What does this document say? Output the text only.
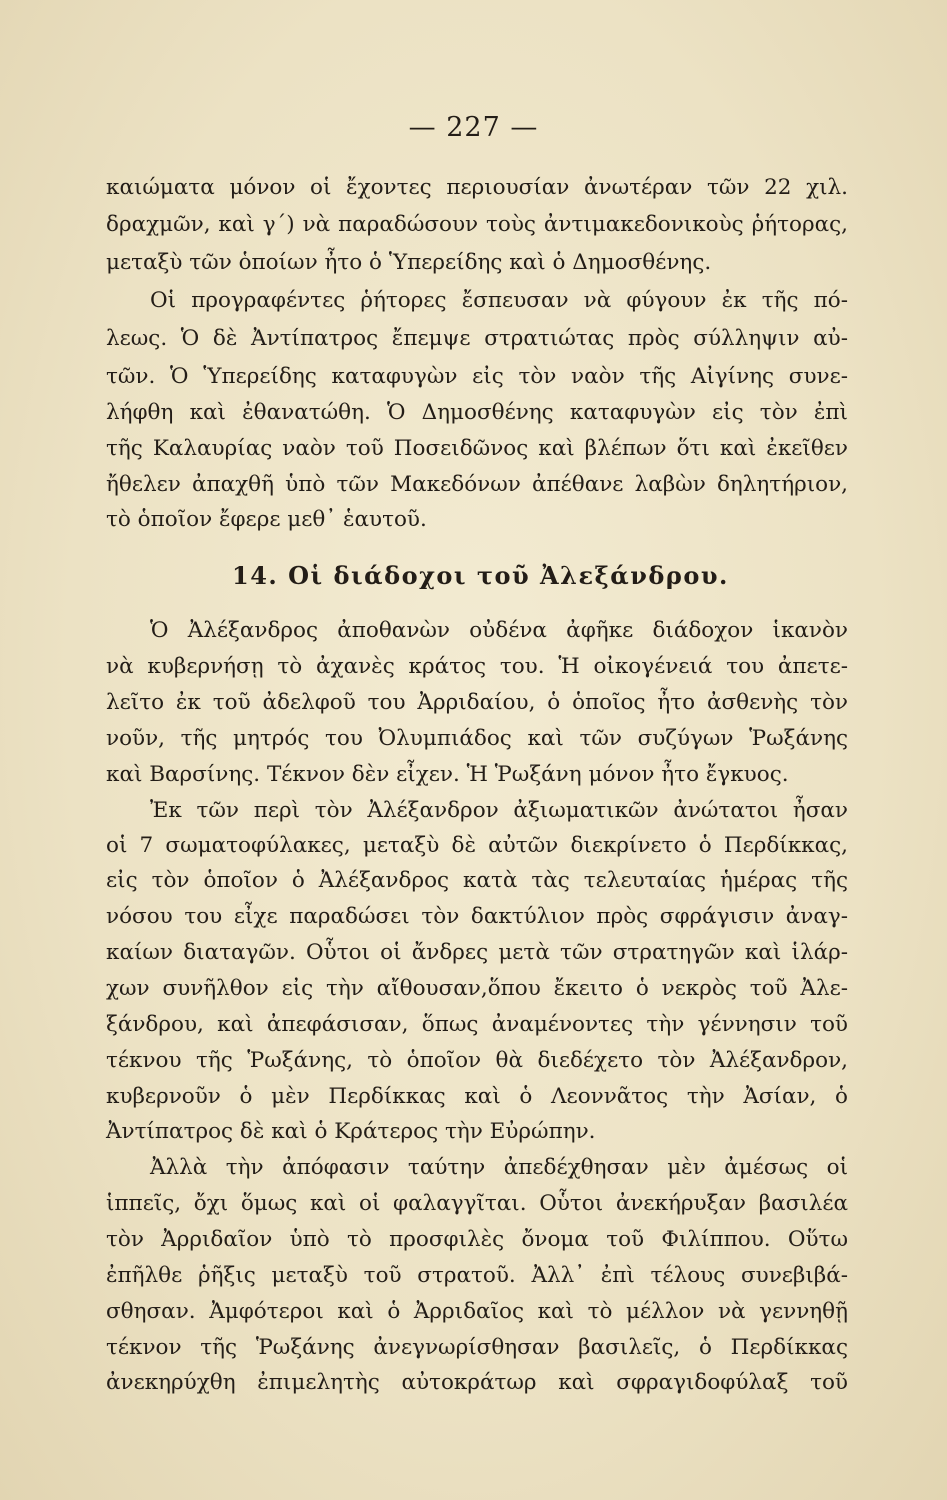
— 227 —
καιώματα μόνον οἱ ἔχοντες περιουσίαν ἀνωτέραν τῶν 22 χιλ.
δραχμῶν, καὶ γ΄) νὰ παραδώσουν τοὺς ἀντιμακεδονικοὺς ῥήτορας,
μεταξὺ τῶν ὁποίων ἦτο ὁ Ὑπερείδης καὶ ὁ Δημοσθένης.
Οἱ προγραφέντες ῥήτορες ἔσπευσαν νὰ φύγουν ἐκ τῆς πό-
λεως. Ὁ δὲ Ἀντίπατρος ἔπεμψε στρατιώτας πρὸς σύλληψιν αὐ-
τῶν. Ὁ Ὑπερείδης καταφυγὼν εἰς τὸν ναὸν τῆς Αἰγίνης συνε-
λήφθη καὶ ἐθανατώθη. Ὁ Δημοσθένης καταφυγὼν εἰς τὸν ἐπὶ
τῆς Καλαυρίας ναὸν τοῦ Ποσειδῶνος καὶ βλέπων ὅτι καὶ ἐκεῖθεν
ἤθελεν ἀπαχθῆ ὑπὸ τῶν Μακεδόνων ἀπέθανε λαβὼν δηλητήριον,
τὸ ὁποῖον ἔφερε μεθ᾽ ἑαυτοῦ.
14. Οἱ διάδοχοι τοῦ Ἀλεξάνδρου.
Ὁ Ἀλέξανδρος ἀποθανὼν οὐδένα ἀφῆκε διάδοχον ἱκανὸν
νὰ κυβερνήσῃ τὸ ἀχανὲς κράτος του. Ἡ οἰκογένειά του ἀπετε-
λεῖτο ἐκ τοῦ ἀδελφοῦ του Ἀρριδαίου, ὁ ὁποῖος ἦτο ἀσθενὴς τὸν
νοῦν, τῆς μητρός του Ὀλυμπιάδος καὶ τῶν συζύγων Ῥωξάνης
καὶ Βαρσίνης. Τέκνον δὲν εἶχεν. Ἡ Ῥωξάνη μόνον ἦτο ἔγκυος.
Ἐκ τῶν περὶ τὸν Ἀλέξανδρον ἀξιωματικῶν ἀνώτατοι ἦσαν
οἱ 7 σωματοφύλακες, μεταξὺ δὲ αὐτῶν διεκρίνετο ὁ Περδίκκας,
εἰς τὸν ὁποῖον ὁ Ἀλέξανδρος κατὰ τὰς τελευταίας ἡμέρας τῆς
νόσου του εἶχε παραδώσει τὸν δακτύλιον πρὸς σφράγισιν ἀναγ-
καίων διαταγῶν. Οὗτοι οἱ ἄνδρες μετὰ τῶν στρατηγῶν καὶ ἱλάρ-
χων συνῆλθον εἰς τὴν αἴθουσαν,ὅπου ἔκειτο ὁ νεκρὸς τοῦ Ἀλε-
ξάνδρου, καὶ ἀπεφάσισαν, ὅπως ἀναμένοντες τὴν γέννησιν τοῦ
τέκνου τῆς Ῥωξάνης, τὸ ὁποῖον θὰ διεδέχετο τὸν Ἀλέξανδρον,
κυβερνοῦν ὁ μὲν Περδίκκας καὶ ὁ Λεοννᾶτος τὴν Ἀσίαν, ὁ
Ἀντίπατρος δὲ καὶ ὁ Κράτερος τὴν Εὐρώπην.
Ἀλλὰ τὴν ἀπόφασιν ταύτην ἀπεδέχθησαν μὲν ἀμέσως οἱ
ἱππεῖς, ὄχι ὅμως καὶ οἱ φαλαγγῖται. Οὗτοι ἀνεκήρυξαν βασιλέα
τὸν Ἀρριδαῖον ὑπὸ τὸ προσφιλὲς ὄνομα τοῦ Φιλίππου. Οὕτω
ἐπῆλθε ῥῆξις μεταξὺ τοῦ στρατοῦ. Ἀλλ᾽ ἐπὶ τέλους συνεβιβά-
σθησαν. Ἀμφότεροι καὶ ὁ Ἀρριδαῖος καὶ τὸ μέλλον νὰ γεννηθῇ
τέκνον τῆς Ῥωξάνης ἀνεγνωρίσθησαν βασιλεῖς, ὁ Περδίκκας
ἀνεκηρύχθη ἐπιμελητὴς αὐτοκράτωρ καὶ σφραγιδοφύλαξ τοῦ
